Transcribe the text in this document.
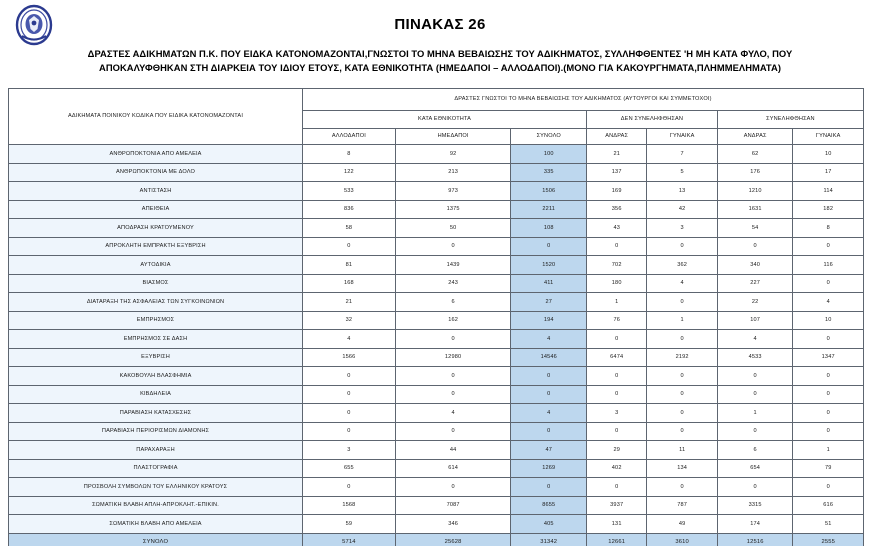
ΠΙΝΑΚΑΣ 26
ΔΡΑΣΤΕΣ ΑΔΙΚΗΜΑΤΩΝ Π.Κ. ΠΟΥ ΕΙΔΚΑ ΚΑΤΟΝΟΜΑΖΟΝΤΑΙ,ΓΝΩΣΤΟΙ ΤΟ ΜΗΝΑ ΒΕΒΑΙΩΣΗΣ ΤΟΥ ΑΔΙΚΗΜΑΤΟΣ, ΣΥΛΛΗΦΘΕΝΤΕΣ 'Η ΜΗ ΚΑΤΑ ΦΥΛΟ, ΠΟΥ
ΑΠΟΚΑΛΥΦΘΗΚΑΝ ΣΤΗ ΔΙΑΡΚΕΙΑ ΤΟΥ ΙΔΙΟΥ ΕΤΟΥΣ, ΚΑΤΑ ΕΘΝΙΚΟΤΗΤΑ (ΗΜΕΔΑΠΟΙ – ΑΛΛΟΔΑΠΟΙ).(ΜΟΝΟ ΓΙΑ ΚΑΚΟΥΡΓΗΜΑΤΑ,ΠΛΗΜΜΕΛΗΜΑΤΑ)
ΑΔΙΚΗΜΑΤΑ ΠΟΙΝΙΚΟΥ ΚΩΔΙΚΑ ΠΟΥ ΕΙΔΙΚΑ ΚΑΤΟΝΟΜΑΖΟΝΤΑΙ	ΔΡΑΣΤΕΣ ΓΝΩΣΤΟΙ ΤΟ ΜΗΝΑ ΒΕΒΑΙΩΣΗΣ ΤΟΥ ΑΔΙΚΗΜΑΤΟΣ (ΑΥΤΟΥΡΓΟΙ ΚΑΙ ΣΥΜΜΕΤΟΧΟΙ)						
	ΚΑΤΑ ΕΘΝΙΚΟΤΗΤΑ			ΔΕΝ ΣΥΝΕΛΗΦΘΗΣΑΝ		ΣΥΝΕΛΗΦΘΗΣΑΝ	
	ΑΛΛΟΔΑΠΟΙ	ΗΜΕΔΑΠΟΙ	ΣΥΝΟΛΟ	ΑΝΔΡΑΣ	ΓΥΝΑΙΚΑ	ΑΝΔΡΑΣ	ΓΥΝΑΙΚΑ
ΑΝΘΡΩΠΟΚΤΟΝΙΑ ΑΠΟ ΑΜΕΛΕΙΑ	8	92	100	21	7	62	10
ΑΝΘΡΩΠΟΚΤΟΝΙΑ ΜΕ ΔΟΛΟ	122	213	335	137	5	176	17
ΑΝΤΙΣΤΑΣΗ	533	973	1506	169	13	1210	114
ΑΠΕΙΘΕΙΑ	836	1375	2211	356	42	1631	182
ΑΠΟΔΡΑΣΗ ΚΡΑΤΟΥΜΕΝΟΥ	58	50	108	43	3	54	8
ΑΠΡΟΚΛΗΤΗ ΕΜΠΡΑΚΤΗ ΕΞΥΒΡΙΣΗ	0	0	0	0	0	0	0
ΑΥΤΟΔΙΚΙΑ	81	1439	1520	702	362	340	116
ΒΙΑΣΜΟΣ	168	243	411	180	4	227	0
ΔΙΑΤΑΡΑΞΗ ΤΗΣ ΑΣΦΑΛΕΙΑΣ ΤΩΝ ΣΥΓΚΟΙΝΩΝΙΩΝ	21	6	27	1	0	22	4
ΕΜΠΡΗΣΜΟΣ	32	162	194	76	1	107	10
ΕΜΠΡΗΣΜΟΣ ΣΕ ΔΑΣΗ	4	0	4	0	0	4	0
ΕΞΥΒΡΙΣΗ	1566	12980	14546	6474	2192	4533	1347
ΚΑΚΟΒΟΥΛΗ ΒΛΑΣΦΗΜΙΑ	0	0	0	0	0	0	0
ΚΙΒΔΗΛΕΙΑ	0	0	0	0	0	0	0
ΠΑΡΑΒΙΑΣΗ ΚΑΤΑΣΧΕΣΗΣ	0	4	4	3	0	1	0
ΠΑΡΑΒΙΑΣΗ ΠΕΡΙΟΡΙΣΜΩΝ ΔΙΑΜΟΝΗΣ	0	0	0	0	0	0	0
ΠΑΡΑΧΑΡΑΞΗ	3	44	47	29	11	6	1
ΠΛΑΣΤΟΓΡΑΦΙΑ	655	614	1269	402	134	654	79
ΠΡΟΣΒΟΛΗ ΣΥΜΒΟΛΩΝ ΤΟΥ ΕΛΛΗΝΙΚΟΥ ΚΡΑΤΟΥΣ	0	0	0	0	0	0	0
ΣΩΜΑΤΙΚΗ ΒΛΑΒΗ ΑΠΛΗ-ΑΠΡΟΚΛΗΤ.-ΕΠΙΚΙΝ.	1568	7087	8655	3937	787	3315	616
ΣΩΜΑΤΙΚΗ ΒΛΑΒΗ ΑΠΟ ΑΜΕΛΕΙΑ	59	346	405	131	49	174	51
ΣΥΝΟΛΟ	5714	25628	31342	12661	3610	12516	2555
